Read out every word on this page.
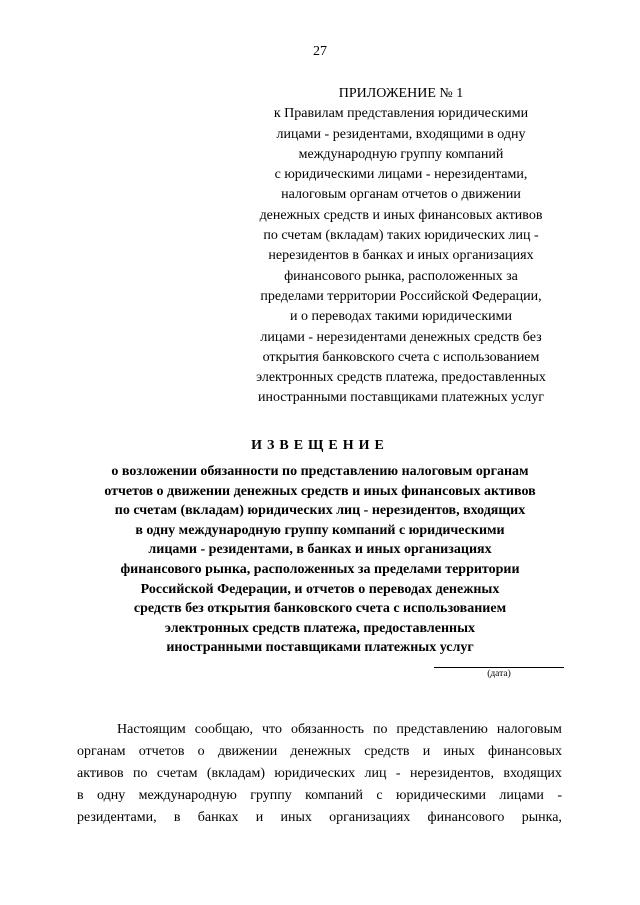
27
ПРИЛОЖЕНИЕ № 1
к Правилам представления юридическими
лицами - резидентами, входящими в одну
международную группу компаний
с юридическими лицами - нерезидентами,
налоговым органам отчетов о движении
денежных средств и иных финансовых активов
по счетам (вкладам) таких юридических лиц -
нерезидентов в банках и иных организациях
финансового рынка, расположенных за
пределами территории Российской Федерации,
и о переводах такими юридическими
лицами - нерезидентами денежных средств без
открытия банковского счета с использованием
электронных средств платежа, предоставленных
иностранными поставщиками платежных услуг
ИЗВЕЩЕНИЕ
о возложении обязанности по представлению налоговым органам
отчетов о движении денежных средств и иных финансовых активов
по счетам (вкладам) юридических лиц - нерезидентов, входящих
в одну международную группу компаний с юридическими
лицами - резидентами, в банках и иных организациях
финансового рынка, расположенных за пределами территории
Российской Федерации, и отчетов о переводах денежных
средств без открытия банковского счета с использованием
электронных средств платежа, предоставленных
иностранными поставщиками платежных услуг
(дата)
Настоящим сообщаю, что обязанность по представлению налоговым
органам отчетов о движении денежных средств и иных финансовых
активов по счетам (вкладам) юридических лиц - нерезидентов, входящих
в одну международную группу компаний с юридическими лицами -
резидентами, в банках и иных организациях финансового рынка,
